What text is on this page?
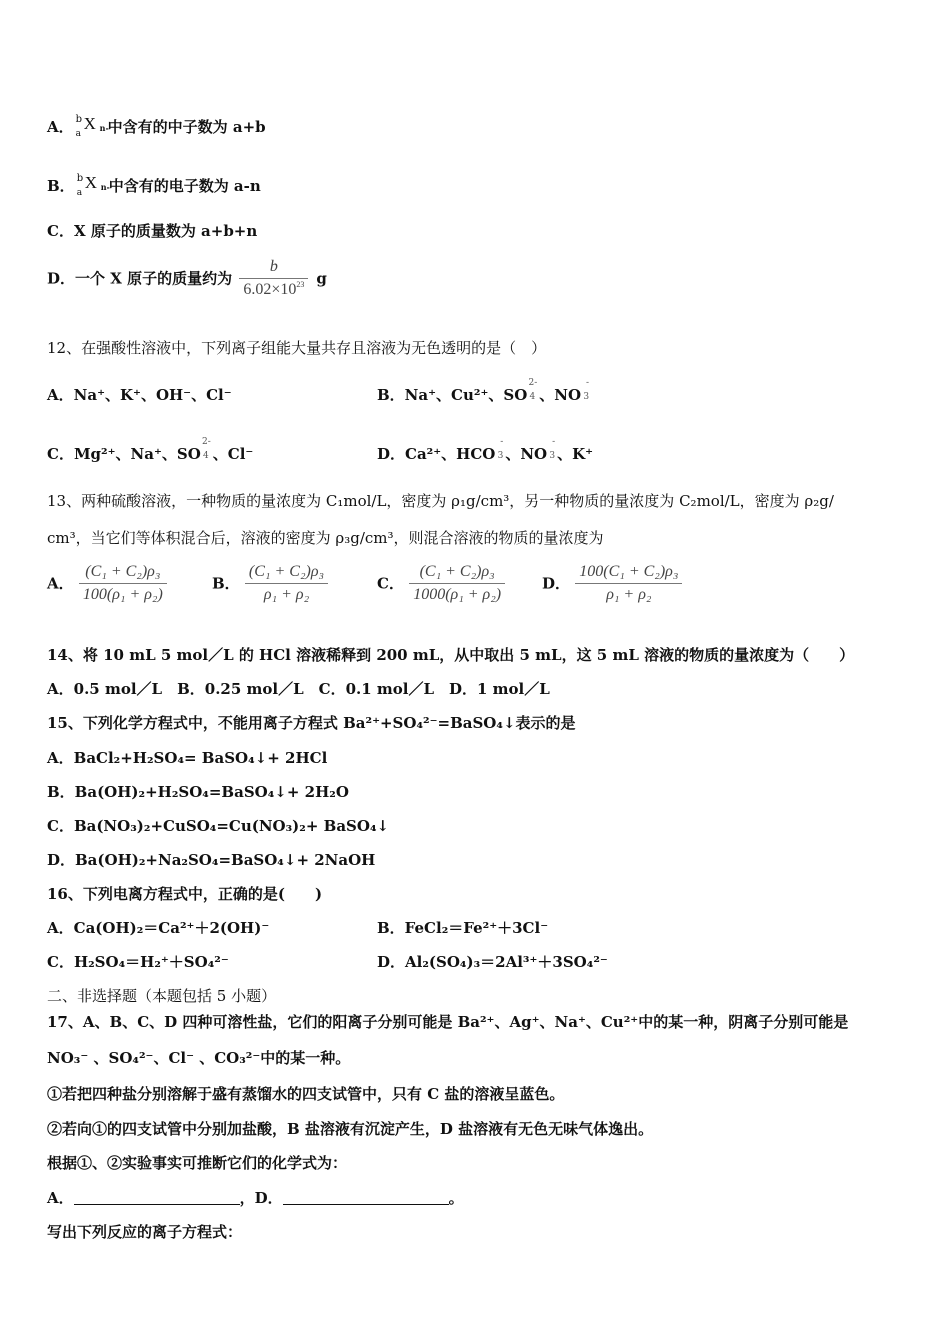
A． b
a
X n-
中含有的中子数为 a+b
B． b
a
X n-
中含有的电子数为 a-n
C．X 原子的质量数为 a+b+n
D．一个 X 原子的质量约为 $\frac{b}{6.02\times 10^{23}}$ g
12、在强酸性溶液中，下列离子组能大量共存且溶液为无色透明的是（　）
A．Na⁺、K⁺、OH⁻、Cl⁻	B．Na⁺、Cu²⁺、SO
2-
4 、NO
-
3
C．Mg²⁺、Na⁺、SO
2-
4 、Cl⁻	D．Ca²⁺、HCO
-
3 、NO
-
3 、K⁺
13、两种硫酸溶液，一种物质的量浓度为 C₁mol/L，密度为 ρ₁g/cm³，另一种物质的量浓度为 C₂mol/L，密度为 ρ₂g/
cm³，当它们等体积混合后，溶液的密度为 ρ₃g/cm³，则混合溶液的物质的量浓度为
A． $\frac{\text{(C₁ + C₂)ρ₃}}{\text{100(ρ₁ + ρ₂)}}$	B． $\frac{\text{(C₁ + C₂)ρ₃}}{\text{ρ₁ + ρ₂}}$	C． $\frac{\text{(C₁ + C₂)ρ₃}}{\text{1000(ρ₁ + ρ₂)}}$ D． $\frac{\text{100(C₁ + C₂)ρ₃}}{\text{ρ₁ + ρ₂}}$
14、将 10 mL 5 mol／L 的 HCl 溶液稀释到 200 mL，从中取出 5 mL，这 5 mL 溶液的物质的量浓度为（　　）
A．0.5 mol／L　B．0.25 mol／L　C．0.1 mol／L　D．1 mol／L
15、下列化学方程式中，不能用离子方程式 Ba²⁺+SO₄²⁻=BaSO₄↓表示的是
A．BaCl₂+H₂SO₄= BaSO₄↓+ 2HCl
B．Ba(OH)₂+H₂SO₄=BaSO₄↓+ 2H₂O
C．Ba(NO₃)₂+CuSO₄=Cu(NO₃)₂+ BaSO₄↓
D．Ba(OH)₂+Na₂SO₄=BaSO₄↓+ 2NaOH
16、下列电离方程式中，正确的是(　　)
A．Ca(OH)₂＝Ca²⁺＋2(OH)⁻	B．FeCl₂＝Fe²⁺＋3Cl⁻
C．H₂SO₄＝H₂⁺＋SO₄²⁻	D．Al₂(SO₄)₃＝2Al³⁺＋3SO₄²⁻
二、非选择题（本题包括 5 小题）
17、A、B、C、D 四种可溶性盐，它们的阳离子分别可能是 Ba²⁺、Ag⁺、Na⁺、Cu²⁺中的某一种，阴离子分别可能是
NO₃⁻ 、SO₄²⁻、Cl⁻ 、CO₃²⁻中的某一种。
①若把四种盐分别溶解于盛有蒸馏水的四支试管中，只有 C 盐的溶液呈蓝色。
②若向①的四支试管中分别加盐酸，B 盐溶液有沉淀产生，D 盐溶液有无色无味气体逸出。
根据①、②实验事实可推断它们的化学式为：
A．	，D．	。
写出下列反应的离子方程式：
